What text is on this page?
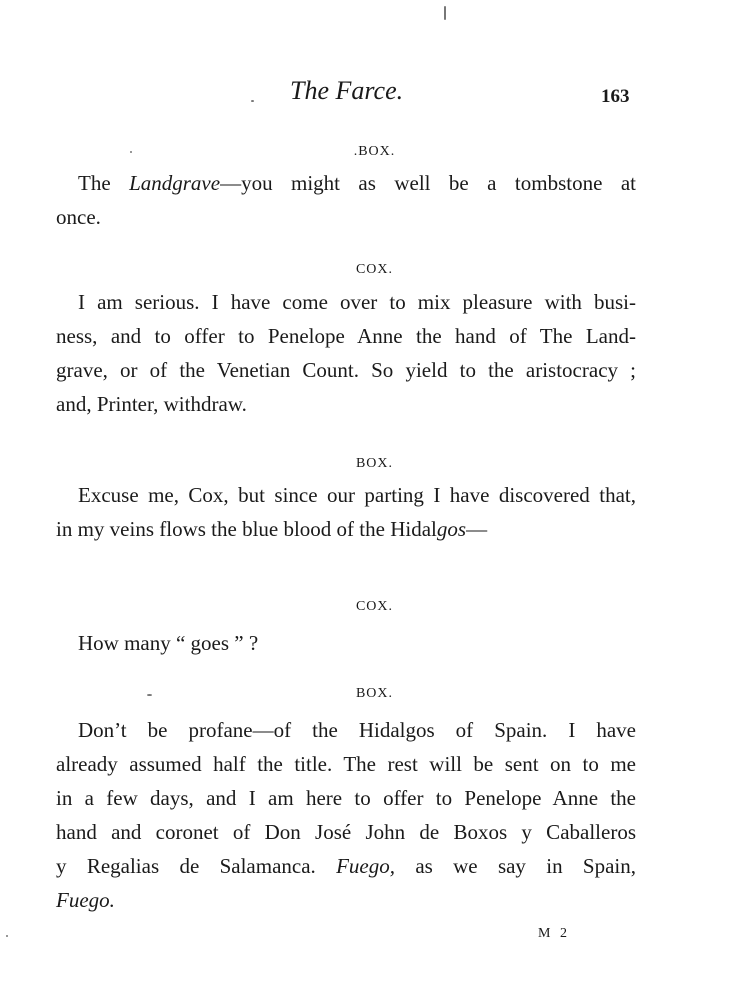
The Farce.	163
.BOX.
The Landgrave—you might as well be a tombstone at
once.
COX.
I am serious. I have come over to mix pleasure with busi-
ness, and to offer to Penelope Anne the hand of The Land-
grave, or of the Venetian Count. So yield to the aristocracy ;
and, Printer, withdraw.
BOX.
Excuse me, Cox, but since our parting I have discovered that,
in my veins flows the blue blood of the Hidalgos—
COX.
How many “ goes ” ?
BOX.
Don’t be profane—of the Hidalgos of Spain. I have
already assumed half the title. The rest will be sent on to me
in a few days, and I am here to offer to Penelope Anne the
hand and coronet of Don José John de Boxos y Caballeros
y Regalias de Salamanca. Fuego, as we say in Spain,
Fuego.
M 2
